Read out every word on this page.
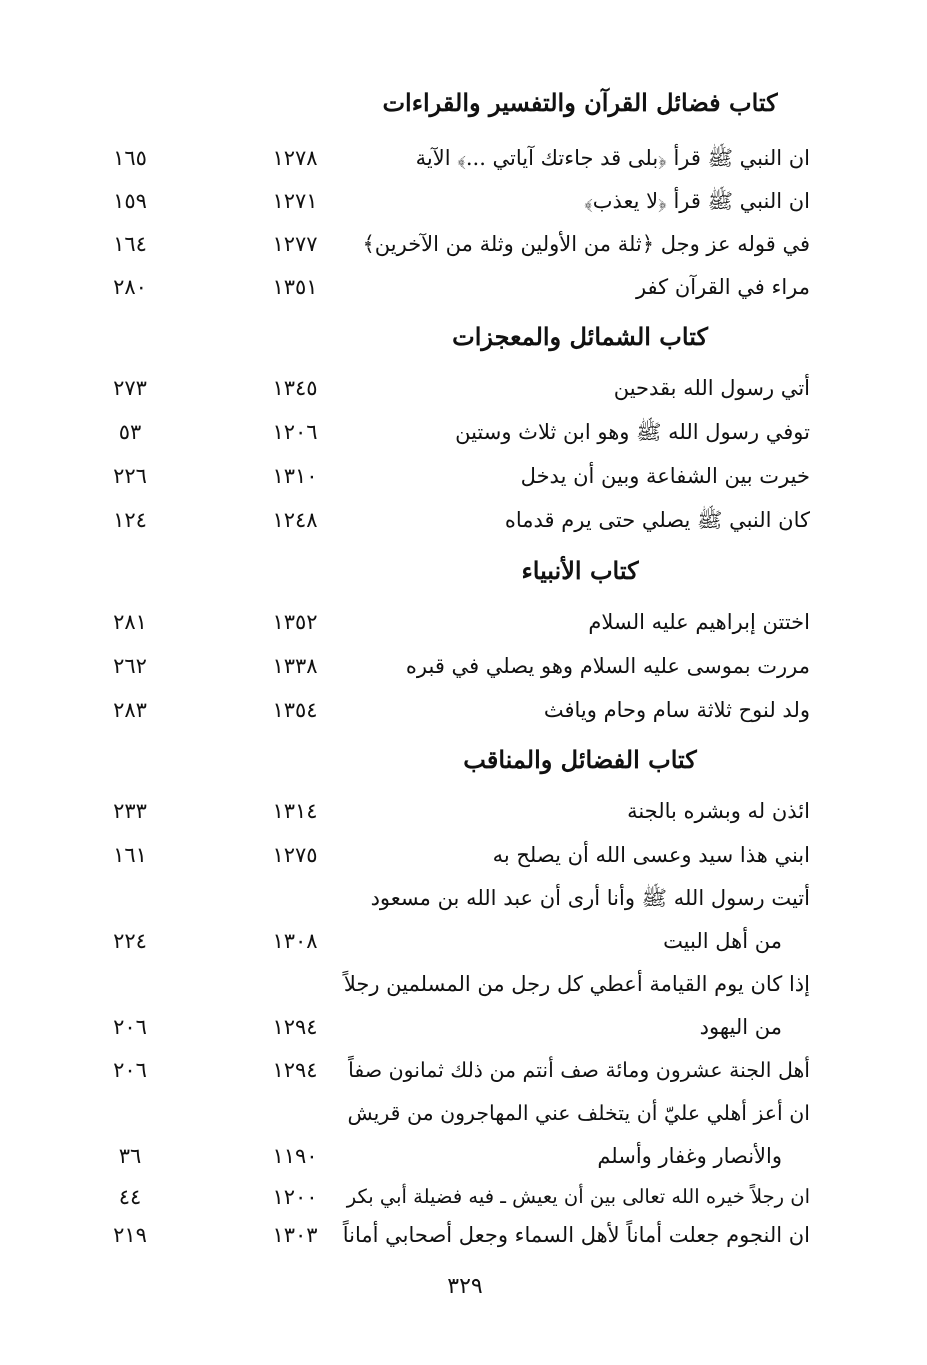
كتاب فضائل القرآن والتفسير والقراءات
ان النبي ﷺ قرأ ﴿بلى قد جاءتك آياتي ...﴾ الآية
١٢٧٨
١٦٥
ان النبي ﷺ قرأ ﴿لا يعذب﴾
١٢٧١
١٥٩
في قوله عز وجل ﴿ثلة من الأولين وثلة من الآخرين﴾
١٢٧٧
١٦٤
مراء في القرآن كفر
١٣٥١
٢٨٠
كتاب الشمائل والمعجزات
أتي رسول الله بقدحين
١٣٤٥
٢٧٣
توفي رسول الله ﷺ وهو ابن ثلاث وستين
١٢٠٦
٥٣
خيرت بين الشفاعة وبين أن يدخل
١٣١٠
٢٢٦
كان النبي ﷺ يصلي حتى يرم قدماه
١٢٤٨
١٢٤
كتاب الأنبياء
اختتن إبراهيم عليه السلام
١٣٥٢
٢٨١
مررت بموسى عليه السلام وهو يصلي في قبره
١٣٣٨
٢٦٢
ولد لنوح ثلاثة سام وحام ويافث
١٣٥٤
٢٨٣
كتاب الفضائل والمناقب
ائذن له وبشره بالجنة
١٣١٤
٢٣٣
ابني هذا سيد وعسى الله أن يصلح به
١٢٧٥
١٦١
أتيت رسول الله ﷺ وأنا أرى أن عبد الله بن مسعود
من أهل البيت
١٣٠٨
٢٢٤
إذا كان يوم القيامة أعطي كل رجل من المسلمين رجلاً
من اليهود
١٢٩٤
٢٠٦
أهل الجنة عشرون ومائة صف أنتم من ذلك ثمانون صفاً
١٢٩٤
٢٠٦
ان أعز أهلي عليّ أن يتخلف عني المهاجرون من قريش
والأنصار وغفار وأسلم
١١٩٠
٣٦
ان رجلاً خيره الله تعالى بين أن يعيش ـ فيه فضيلة أبي بكر
١٢٠٠
٤٤
ان النجوم جعلت أماناً لأهل السماء وجعل أصحابي أماناً
١٣٠٣
٢١٩
٣٢٩
